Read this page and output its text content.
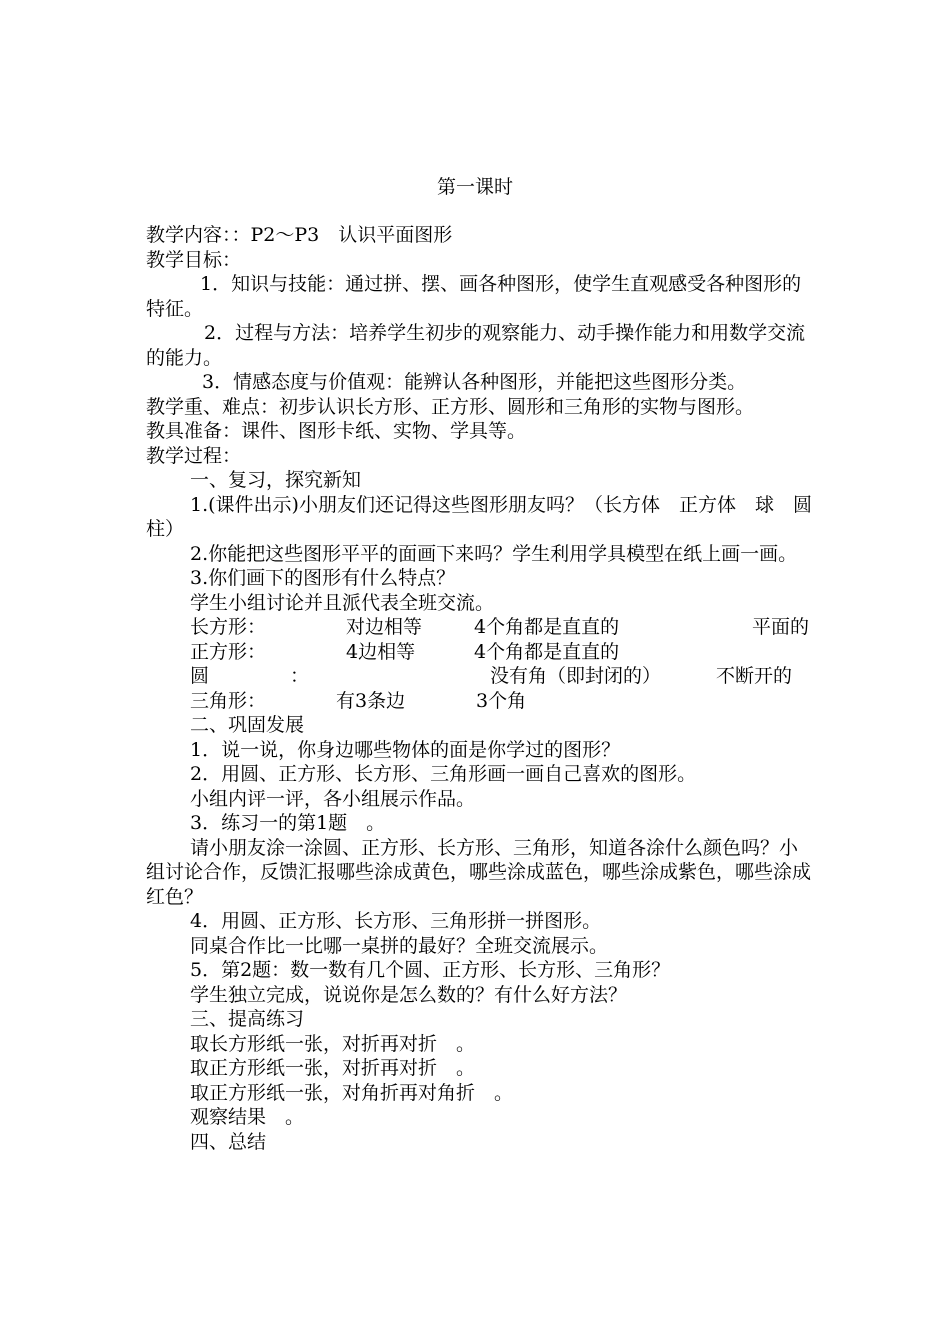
第一课时

教学内容：：P2～P3　认识平面图形

教学目标：

1．知识与技能：通过拼、摆、画各种图形，使学生直观感受各种图形的特征。

2．过程与方法：培养学生初步的观察能力、动手操作能力和用数学交流的能力。

3．情感态度与价值观：能辨认各种图形，并能把这些图形分类。

教学重、难点：初步认识长方形、正方形、圆形和三角形的实物与图形。

教具准备：课件、图形卡纸、实物、学具等。

教学过程：

一、复习，探究新知

1.(课件出示)小朋友们还记得这些图形朋友吗？（长方体　正方体　球　圆柱）

2.你能把这些图形平平的面画下来吗？学生利用学具模型在纸上画一画。

3.你们画下的图形有什么特点？

学生小组讨论并且派代表全班交流。

长方形：	对边相等	4个角都是直直的	平面的

正方形：	4边相等	4个角都是直直的
圆	：	没有角（即封闭的）	不断开的
三角形：	有3条边	3个角

二、巩固发展

1．说一说，你身边哪些物体的面是你学过的图形？

2．用圆、正方形、长方形、三角形画一画自己喜欢的图形。

小组内评一评，各小组展示作品。

3．练习一的第1题　。

请小朋友涂一涂圆、正方形、长方形、三角形，知道各涂什么颜色吗？小组讨论合作，反馈汇报哪些涂成黄色，哪些涂成蓝色，哪些涂成紫色，哪些涂成红色？

4．用圆、正方形、长方形、三角形拼一拼图形。

同桌合作比一比哪一桌拼的最好？全班交流展示。

5．第2题：数一数有几个圆、正方形、长方形、三角形？

学生独立完成，说说你是怎么数的？有什么好方法？

三、提高练习

取长方形纸一张，对折再对折　。

取正方形纸一张，对折再对折　。

取正方形纸一张，对角折再对角折　。

观察结果　。

四、总结
